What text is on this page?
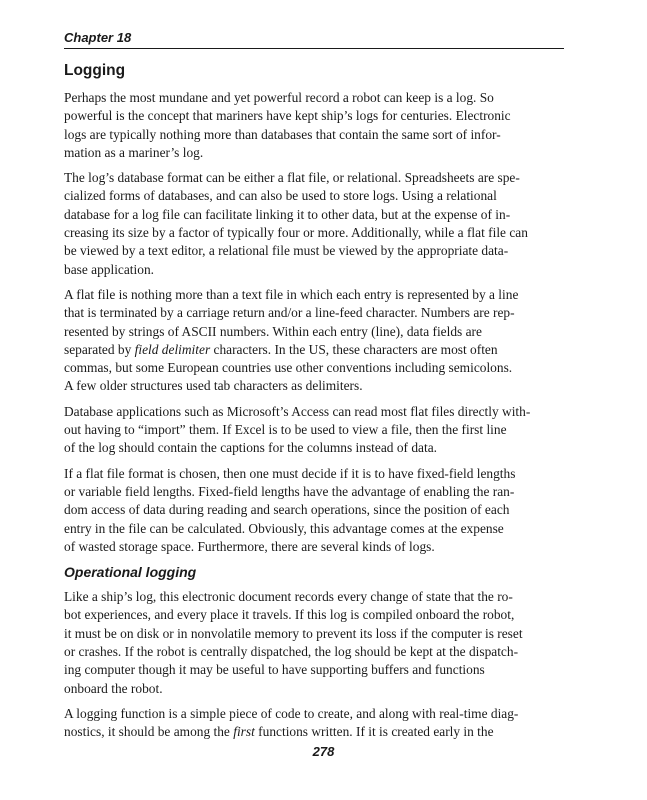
Chapter 18
Logging

Perhaps the most mundane and yet powerful record a robot can keep is a log. So
powerful is the concept that mariners have kept ship’s logs for centuries. Electronic
logs are typically nothing more than databases that contain the same sort of infor-
mation as a mariner’s log.

The log’s database format can be either a flat file, or relational. Spreadsheets are spe-
cialized forms of databases, and can also be used to store logs. Using a relational
database for a log file can facilitate linking it to other data, but at the expense of in-
creasing its size by a factor of typically four or more. Additionally, while a flat file can
be viewed by a text editor, a relational file must be viewed by the appropriate data-
base application.

A flat file is nothing more than a text file in which each entry is represented by a line
that is terminated by a carriage return and/or a line-feed character. Numbers are rep-
resented by strings of ASCII numbers. Within each entry (line), data fields are
separated by field delimiter characters. In the US, these characters are most often
commas, but some European countries use other conventions including semicolons.
A few older structures used tab characters as delimiters.

Database applications such as Microsoft’s Access can read most flat files directly with-
out having to “import” them. If Excel is to be used to view a file, then the first line
of the log should contain the captions for the columns instead of data.

If a flat file format is chosen, then one must decide if it is to have fixed-field lengths
or variable field lengths. Fixed-field lengths have the advantage of enabling the ran-
dom access of data during reading and search operations, since the position of each
entry in the file can be calculated. Obviously, this advantage comes at the expense
of wasted storage space. Furthermore, there are several kinds of logs.

Operational logging

Like a ship’s log, this electronic document records every change of state that the ro-
bot experiences, and every place it travels. If this log is compiled onboard the robot,
it must be on disk or in nonvolatile memory to prevent its loss if the computer is reset
or crashes. If the robot is centrally dispatched, the log should be kept at the dispatch-
ing computer though it may be useful to have supporting buffers and functions
onboard the robot.

A logging function is a simple piece of code to create, and along with real-time diag-
nostics, it should be among the first functions written. If it is created early in the

278
